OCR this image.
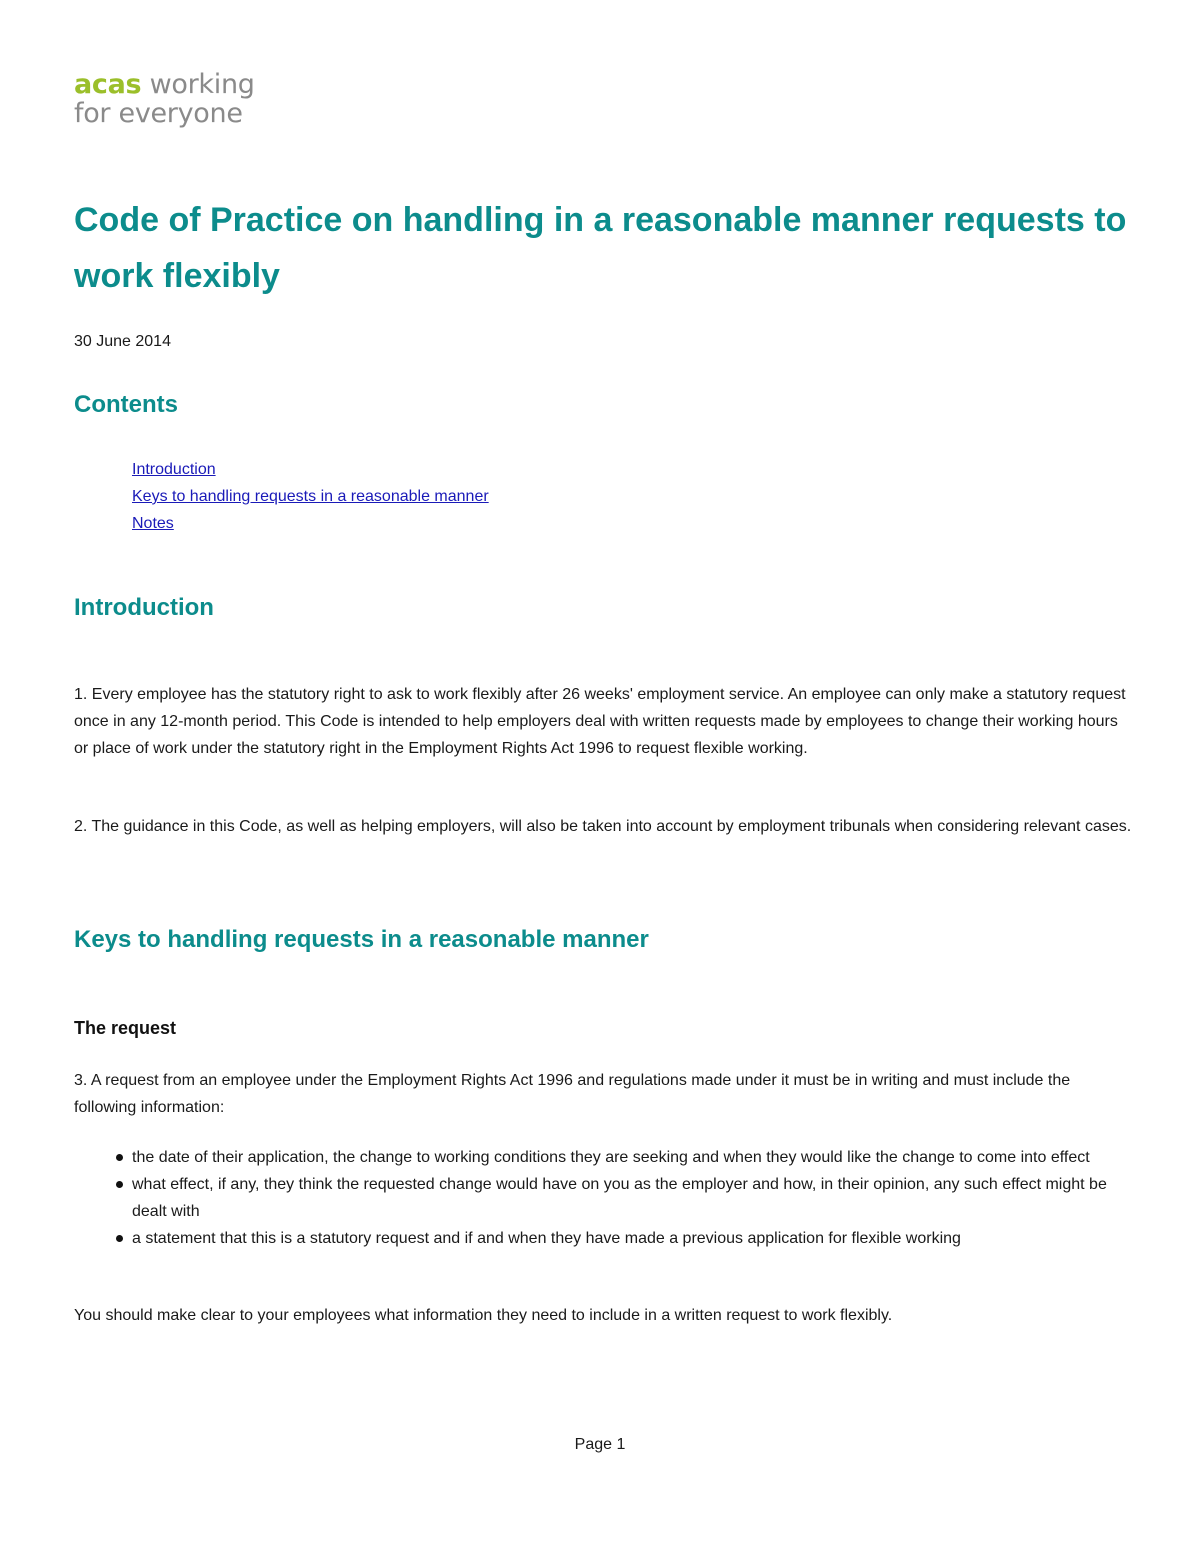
acas working
for everyone
Code of Practice on handling in a reasonable manner requests to work flexibly
30 June 2014
Contents
Introduction
Keys to handling requests in a reasonable manner
Notes
Introduction

1. Every employee has the statutory right to ask to work flexibly after 26 weeks' employment service. An employee can only make a statutory request once in any 12-month period. This Code is intended to help employers deal with written requests made by employees to change their working hours or place of work under the statutory right in the Employment Rights Act 1996 to request flexible working.

2. The guidance in this Code, as well as helping employers, will also be taken into account by employment tribunals when considering relevant cases.

Keys to handling requests in a reasonable manner
The request

3. A request from an employee under the Employment Rights Act 1996 and regulations made under it must be in writing and must include the following information:

the date of their application, the change to working conditions they are seeking and when they would like the change to come into effect
what effect, if any, they think the requested change would have on you as the employer and how, in their opinion, any such effect might be dealt with
a statement that this is a statutory request and if and when they have made a previous application for flexible working

You should make clear to your employees what information they need to include in a written request to work flexibly.

Page 1
